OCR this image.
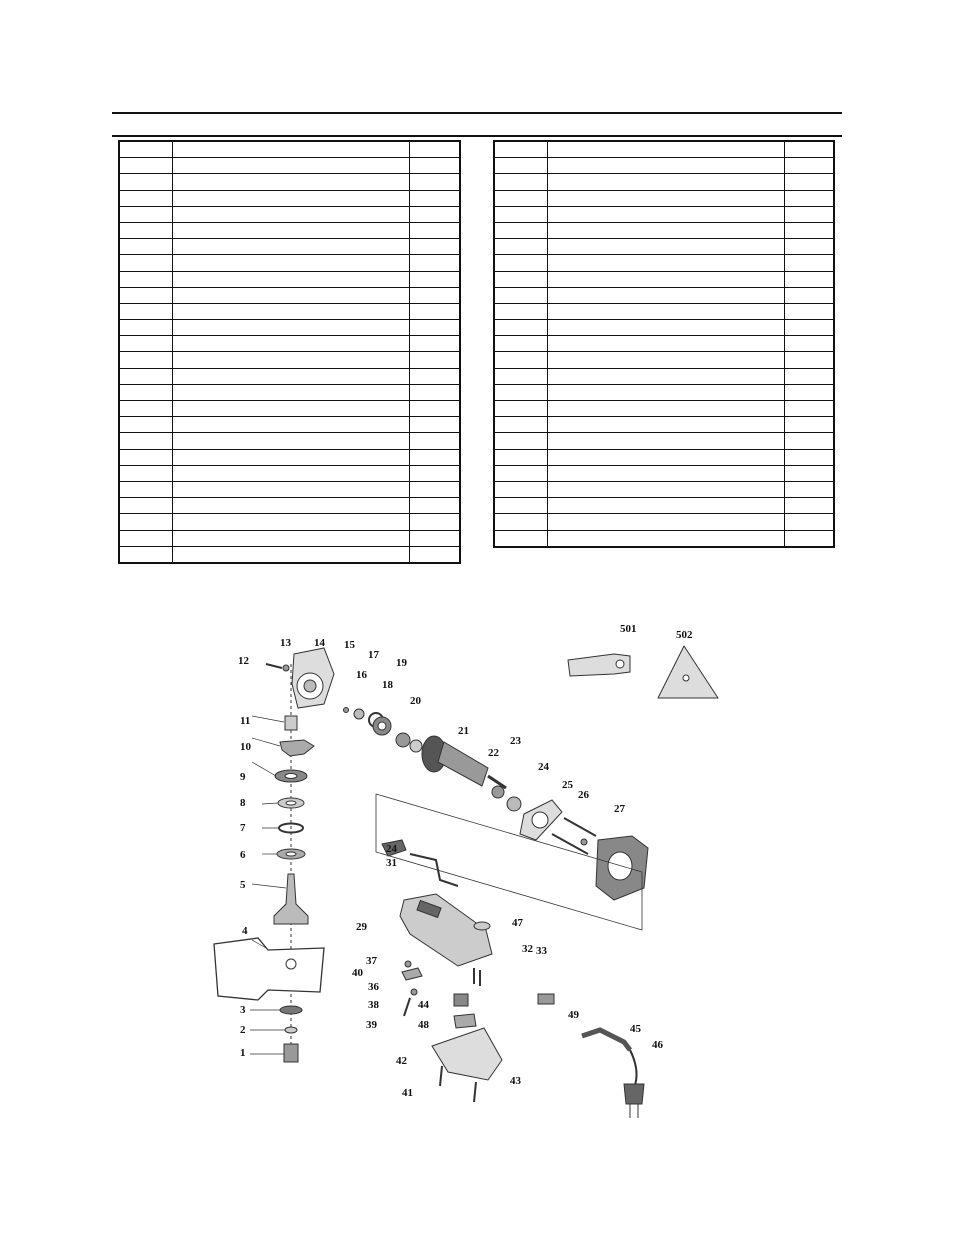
1
2
3
4
5
6
7
8
9
10
11
12
13 14 15
16
17
18
19
20
21
22
23
24
25
26
27
24
29
31
32 33
36
37
38
39
40
41
42
43
44
45
46
47
48
49
501	502
